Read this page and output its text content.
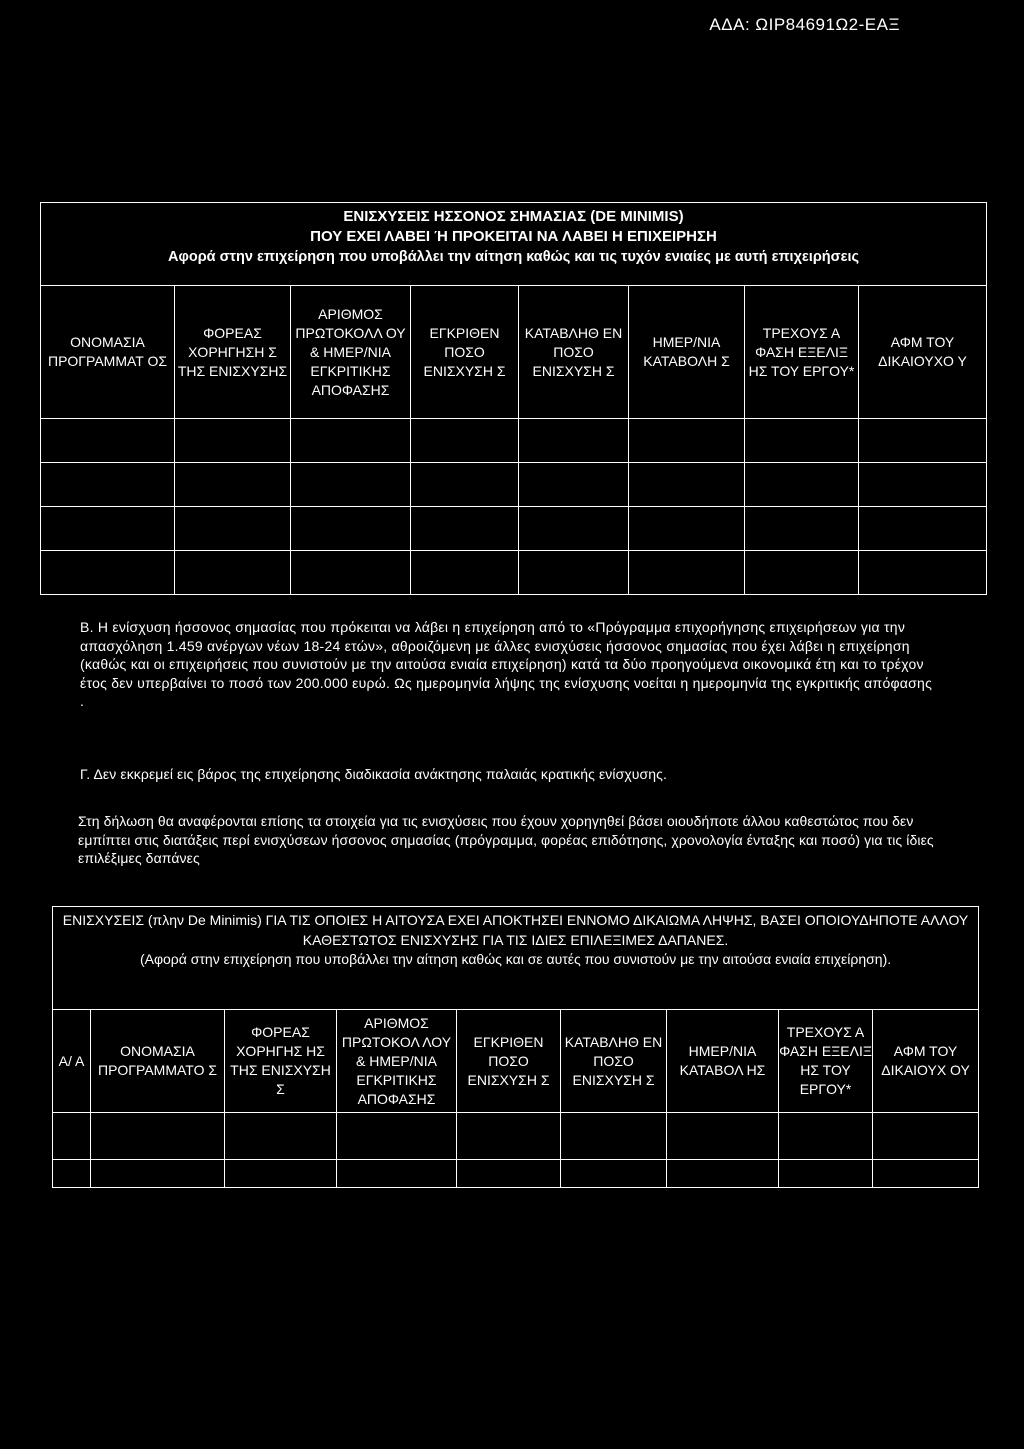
ΑΔΑ: ΩΙΡ84691Ω2-ΕΑΞ
ΕΝΙΣΧΥΣΕΙΣ ΗΣΣΟΝΟΣ ΣΗΜΑΣΙΑΣ (DE MINIMIS)
ΠΟΥ ΕΧΕΙ ΛΑΒΕΙ Ή ΠΡΟΚΕΙΤΑΙ ΝΑ ΛΑΒΕΙ Η ΕΠΙΧΕΙΡΗΣΗ
Αφορά στην επιχείρηση που υποβάλλει την αίτηση καθώς και τις τυχόν ενιαίες με αυτή επιχειρήσεις							

ΟΝΟΜΑΣΙΑ ΠΡΟΓΡΑΜΜΑΤ ΟΣ	ΦΟΡΕΑΣ ΧΟΡΗΓΗΣΗ Σ ΤΗΣ ΕΝΙΣΧΥΣΗΣ	ΑΡΙΘΜΟΣ ΠΡΩΤΟΚΟΛΛ ΟΥ & ΗΜΕΡ/ΝΙΑ ΕΓΚΡΙΤΙΚΗΣ ΑΠΟΦΑΣΗΣ	ΕΓΚΡΙΘΕΝ ΠΟΣΟ ΕΝΙΣΧΥΣΗ Σ	ΚΑΤΑΒΛΗΘ ΕΝ ΠΟΣΟ ΕΝΙΣΧΥΣΗ Σ	ΗΜΕΡ/ΝΙΑ ΚΑΤΑΒΟΛΗ Σ	ΤΡΕΧΟΥΣ Α ΦΑΣΗ ΕΞΕΛΙΞ ΗΣ ΤΟΥ ΕΡΓΟΥ*	ΑΦΜ ΤΟΥ ΔΙΚΑΙΟΥΧΟ Υ

Β. Η ενίσχυση ήσσονος σημασίας που πρόκειται να λάβει η επιχείρηση από το «Πρόγραμμα επιχορήγησης επιχειρήσεων για την απασχόληση 1.459 ανέργων νέων 18-24 ετών», αθροιζόμενη με άλλες ενισχύσεις ήσσονος σημασίας που έχει λάβει η επιχείρηση (καθώς και οι επιχειρήσεις που συνιστούν με την αιτούσα ενιαία επιχείρηση) κατά τα δύο προηγούμενα οικονομικά έτη και το τρέχον έτος δεν υπερβαίνει το ποσό των 200.000 ευρώ. Ως ημερομηνία λήψης της ενίσχυσης νοείται η ημερομηνία της εγκριτικής απόφασης .
Γ. Δεν εκκρεμεί εις βάρος της επιχείρησης διαδικασία ανάκτησης παλαιάς κρατικής ενίσχυσης.
Στη δήλωση θα αναφέρονται επίσης τα στοιχεία για τις ενισχύσεις που έχουν χορηγηθεί βάσει οιουδήποτε άλλου καθεστώτος που δεν εμπίπτει στις διατάξεις περί ενισχύσεων ήσσονος σημασίας (πρόγραμμα, φορέας επιδότησης, χρονολογία ένταξης και ποσό) για τις ίδιες επιλέξιμες δαπάνες
ΕΝΙΣΧΥΣΕΙΣ (πλην De Minimis) ΓΙΑ ΤΙΣ ΟΠΟΙΕΣ Η ΑΙΤΟΥΣΑ ΕΧΕΙ ΑΠΟΚΤΗΣΕΙ ΕΝΝΟΜΟ ΔΙΚΑΙΩΜΑ ΛΗΨΗΣ, ΒΑΣΕΙ ΟΠΟΙΟΥΔΗΠΟΤΕ ΑΛΛΟΥ ΚΑΘΕΣΤΩΤΟΣ ΕΝΙΣΧΥΣΗΣ ΓΙΑ ΤΙΣ ΙΔΙΕΣ ΕΠΙΛΕΞΙΜΕΣ ΔΑΠΑΝΕΣ.
(Αφορά στην επιχείρηση που υποβάλλει την αίτηση καθώς και σε αυτές που συνιστούν με την αιτούσα ενιαία επιχείρηση).								

Α/ Α	ΟΝΟΜΑΣΙΑ ΠΡΟΓΡΑΜΜΑΤΟ Σ	ΦΟΡΕΑΣ ΧΟΡΗΓΗΣ ΗΣ ΤΗΣ ΕΝΙΣΧΥΣΗ Σ	ΑΡΙΘΜΟΣ ΠΡΩΤΟΚΟΛ ΛΟΥ & ΗΜΕΡ/ΝΙΑ ΕΓΚΡΙΤΙΚΗΣ ΑΠΟΦΑΣΗΣ	ΕΓΚΡΙΘΕΝ ΠΟΣΟ ΕΝΙΣΧΥΣΗ Σ	ΚΑΤΑΒΛΗΘ ΕΝ ΠΟΣΟ ΕΝΙΣΧΥΣΗ Σ	ΗΜΕΡ/ΝΙΑ ΚΑΤΑΒΟΛ ΗΣ	ΤΡΕΧΟΥΣ Α ΦΑΣΗ ΕΞΕΛΙΞ ΗΣ ΤΟΥ ΕΡΓΟΥ*	ΑΦΜ ΤΟΥ ΔΙΚΑΙΟΥΧ ΟΥ
